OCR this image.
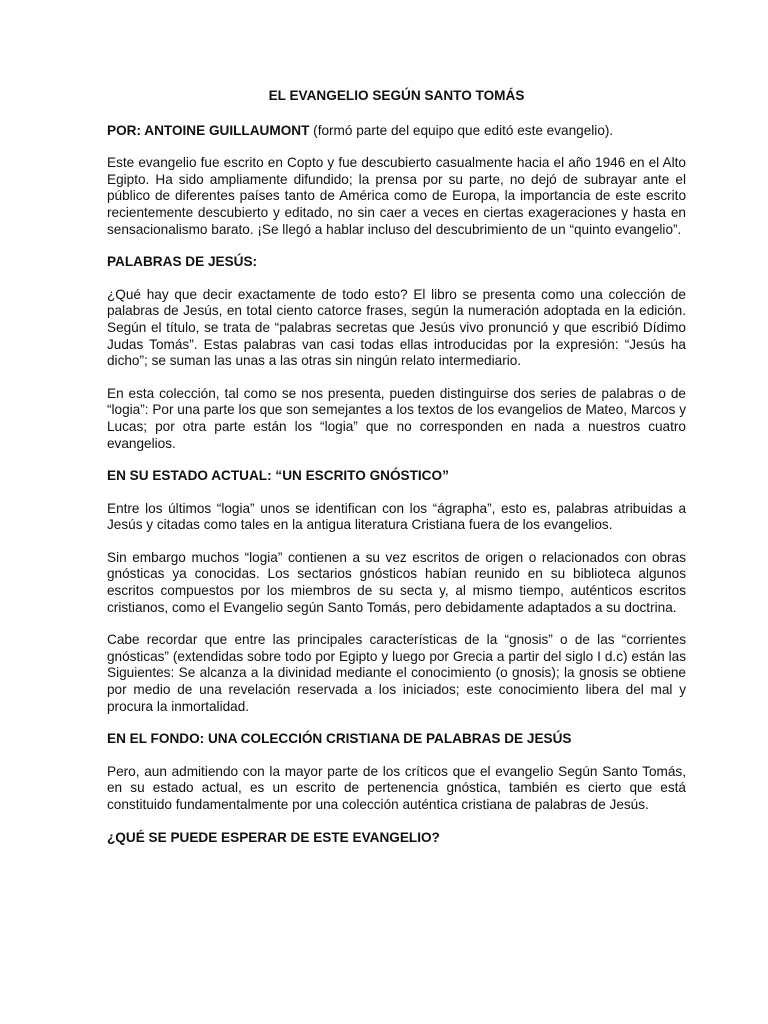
EL EVANGELIO SEGÚN SANTO TOMÁS
POR: ANTOINE GUILLAUMONT (formó parte del equipo que editó este evangelio).

Este evangelio fue escrito en Copto y fue descubierto casualmente hacia el año 1946 en el Alto Egipto. Ha sido ampliamente difundido; la prensa por su parte, no dejó de subrayar ante el público de diferentes países tanto de América como de Europa, la importancia de este escrito recientemente descubierto y editado, no sin caer a veces en ciertas exageraciones y hasta en sensacionalismo barato. ¡Se llegó a hablar incluso del descubrimiento de un “quinto evangelio”.

PALABRAS DE JESÚS:

¿Qué hay que decir exactamente de todo esto? El libro se presenta como una colección de palabras de Jesús, en total ciento catorce frases, según la numeración adoptada en la edición. Según el título, se trata de “palabras secretas que Jesús vivo pronunció y que escribió Dídimo Judas Tomás”. Estas palabras van casi todas ellas introducidas por la expresión: “Jesús ha dicho”; se suman las unas a las otras sin ningún relato intermediario.

En esta colección, tal como se nos presenta, pueden distinguirse dos series de palabras o de “logia”: Por una parte los que son semejantes a los textos de los evangelios de Mateo, Marcos y Lucas; por otra parte están los “logia” que no corresponden en nada a nuestros cuatro evangelios.

EN SU ESTADO ACTUAL: “UN ESCRITO GNÓSTICO”

Entre los últimos “logia” unos se identifican con los “ágrapha”, esto es, palabras atribuidas a Jesús y citadas como tales en la antigua literatura Cristiana fuera de los evangelios.

Sin embargo muchos “logia” contienen a su vez escritos de origen o relacionados con obras gnósticas ya conocidas. Los sectarios gnósticos habían reunido en su biblioteca algunos escritos compuestos por los miembros de su secta y, al mismo tiempo, auténticos escritos cristianos, como el Evangelio según Santo Tomás, pero debidamente adaptados a su doctrina.

Cabe recordar que entre las principales características de la “gnosis” o de las “corrientes gnósticas” (extendidas sobre todo por Egipto y luego por Grecia a partir del siglo I d.c) están las Siguientes: Se alcanza a la divinidad mediante el conocimiento (o gnosis); la gnosis se obtiene por medio de una revelación reservada a los iniciados; este conocimiento libera del mal y procura la inmortalidad.

EN EL FONDO: UNA COLECCIÓN CRISTIANA DE PALABRAS DE JESÚS

Pero, aun admitiendo con la mayor parte de los críticos que el evangelio Según Santo Tomás, en su estado actual, es un escrito de pertenencia gnóstica, también es cierto que está constituido fundamentalmente por una colección auténtica cristiana de palabras de Jesús.

¿QUÉ SE PUEDE ESPERAR DE ESTE EVANGELIO?
